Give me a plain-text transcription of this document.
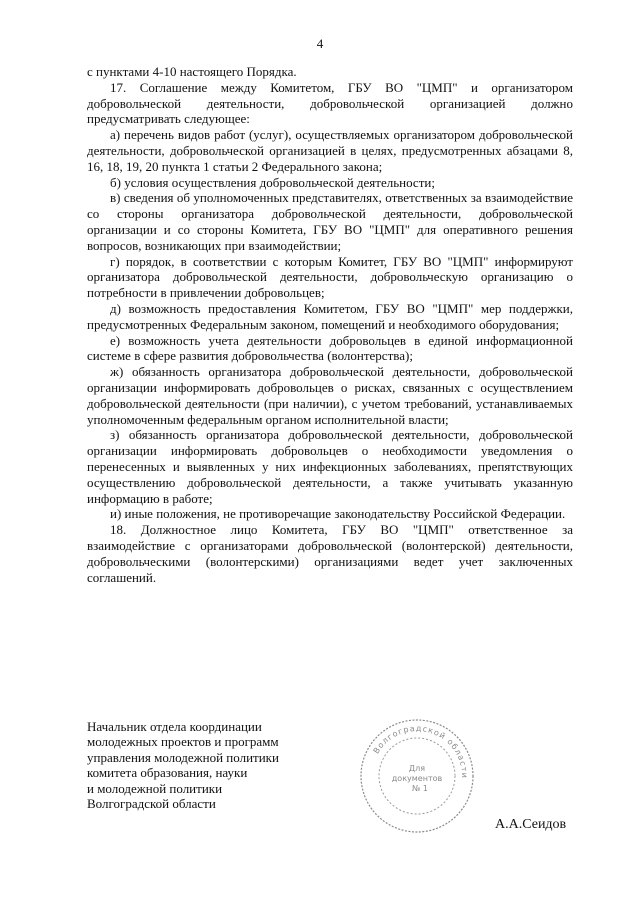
4

с пунктами 4-10 настоящего Порядка.

17. Соглашение между Комитетом, ГБУ ВО "ЦМП" и организатором добровольческой деятельности, добровольческой организацией должно предусматривать следующее:

а) перечень видов работ (услуг), осуществляемых организатором добровольческой деятельности, добровольческой организацией в целях, предусмотренных абзацами 8, 16, 18, 19, 20 пункта 1 статьи 2 Федерального закона;

б) условия осуществления добровольческой деятельности;

в) сведения об уполномоченных представителях, ответственных за взаимодействие со стороны организатора добровольческой деятельности, добровольческой организации и со стороны Комитета, ГБУ ВО "ЦМП" для оперативного решения вопросов, возникающих при взаимодействии;

г) порядок, в соответствии с которым Комитет, ГБУ ВО "ЦМП" информируют организатора добровольческой деятельности, добровольческую организацию о потребности в привлечении добровольцев;

д) возможность предоставления Комитетом, ГБУ ВО "ЦМП" мер поддержки, предусмотренных Федеральным законом, помещений и необходимого оборудования;

е) возможность учета деятельности добровольцев в единой информационной системе в сфере развития добровольчества (волонтерства);

ж) обязанность организатора добровольческой деятельности, добровольческой организации информировать добровольцев о рисках, связанных с осуществлением добровольческой деятельности (при наличии), с учетом требований, устанавливаемых уполномоченным федеральным органом исполнительной власти;

з) обязанность организатора добровольческой деятельности, добровольческой организации информировать добровольцев о необходимости уведомления о перенесенных и выявленных у них инфекционных заболеваниях, препятствующих осуществлению добровольческой деятельности, а также учитывать указанную информацию в работе;

и) иные положения, не противоречащие законодательству Российской Федерации.

18. Должностное лицо Комитета, ГБУ ВО "ЦМП" ответственное за взаимодействие с организаторами добровольческой (волонтерской) деятельности, добровольческими (волонтерскими) организациями ведет учет заключенных соглашений.

Начальник отдела координации
молодежных проектов и программ
управления молодежной политики
комитета образования, науки
и молодежной политики
Волгоградской области
Волгоградской области
Для
документов
№ 1
А.А.Сеидов
